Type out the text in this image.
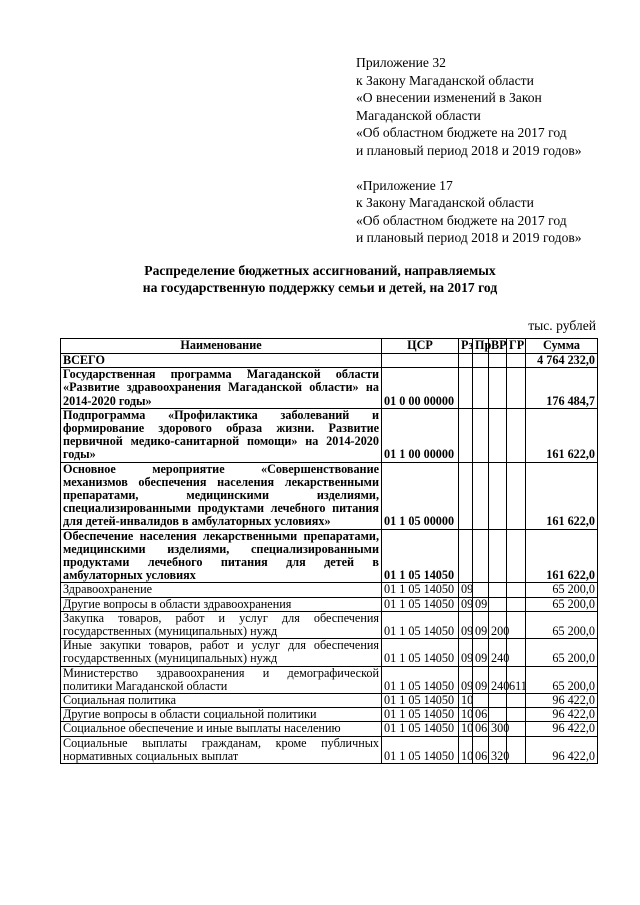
Приложение 32
к Закону Магаданской области
«О внесении изменений в Закон
Магаданской области
«Об областном бюджете на 2017 год
и плановый период 2018 и 2019 годов»
«Приложение 17
к Закону Магаданской области
«Об областном бюджете на 2017 год
и плановый период 2018 и 2019 годов»
Распределение бюджетных ассигнований, направляемых
на государственную поддержку семьи и детей, на 2017 год
тыс. рублей
Наименование	ЦСР	Рз	Пр	ВР	ГР	Сумма
ВСЕГО						4 764 232,0
Государственная программа Магаданской области «Развитие здравоохранения Магаданской области» на 2014-2020 годы»	01 0 00 00000					176 484,7
Подпрограмма «Профилактика заболеваний и формирование здорового образа жизни. Развитие первичной медико-санитарной помощи» на 2014-2020 годы»	01 1 00 00000					161 622,0
Основное мероприятие «Совершенствование механизмов обеспечения населения лекарственными препаратами, медицинскими изделиями, специализированными продуктами лечебного питания для детей-инвалидов в амбулаторных условиях»	01 1 05 00000					161 622,0
Обеспечение населения лекарственными препаратами, медицинскими изделиями, специализированными продуктами лечебного питания для детей в амбулаторных условиях	01 1 05 14050					161 622,0
Здравоохранение	01 1 05 14050	09				65 200,0
Другие вопросы в области здравоохранения	01 1 05 14050	09	09			65 200,0
Закупка товаров, работ и услуг для обеспечения государственных (муниципальных) нужд	01 1 05 14050	09	09	200		65 200,0
Иные закупки товаров, работ и услуг для обеспечения государственных (муниципальных) нужд	01 1 05 14050	09	09	240		65 200,0
Министерство здравоохранения и демографической политики Магаданской области	01 1 05 14050	09	09	240	611	65 200,0
Социальная политика	01 1 05 14050	10				96 422,0
Другие вопросы в области социальной политики	01 1 05 14050	10	06			96 422,0
Социальное обеспечение и иные выплаты населению	01 1 05 14050	10	06	300		96 422,0
Социальные выплаты гражданам, кроме публичных нормативных социальных выплат	01 1 05 14050	10	06	320		96 422,0
